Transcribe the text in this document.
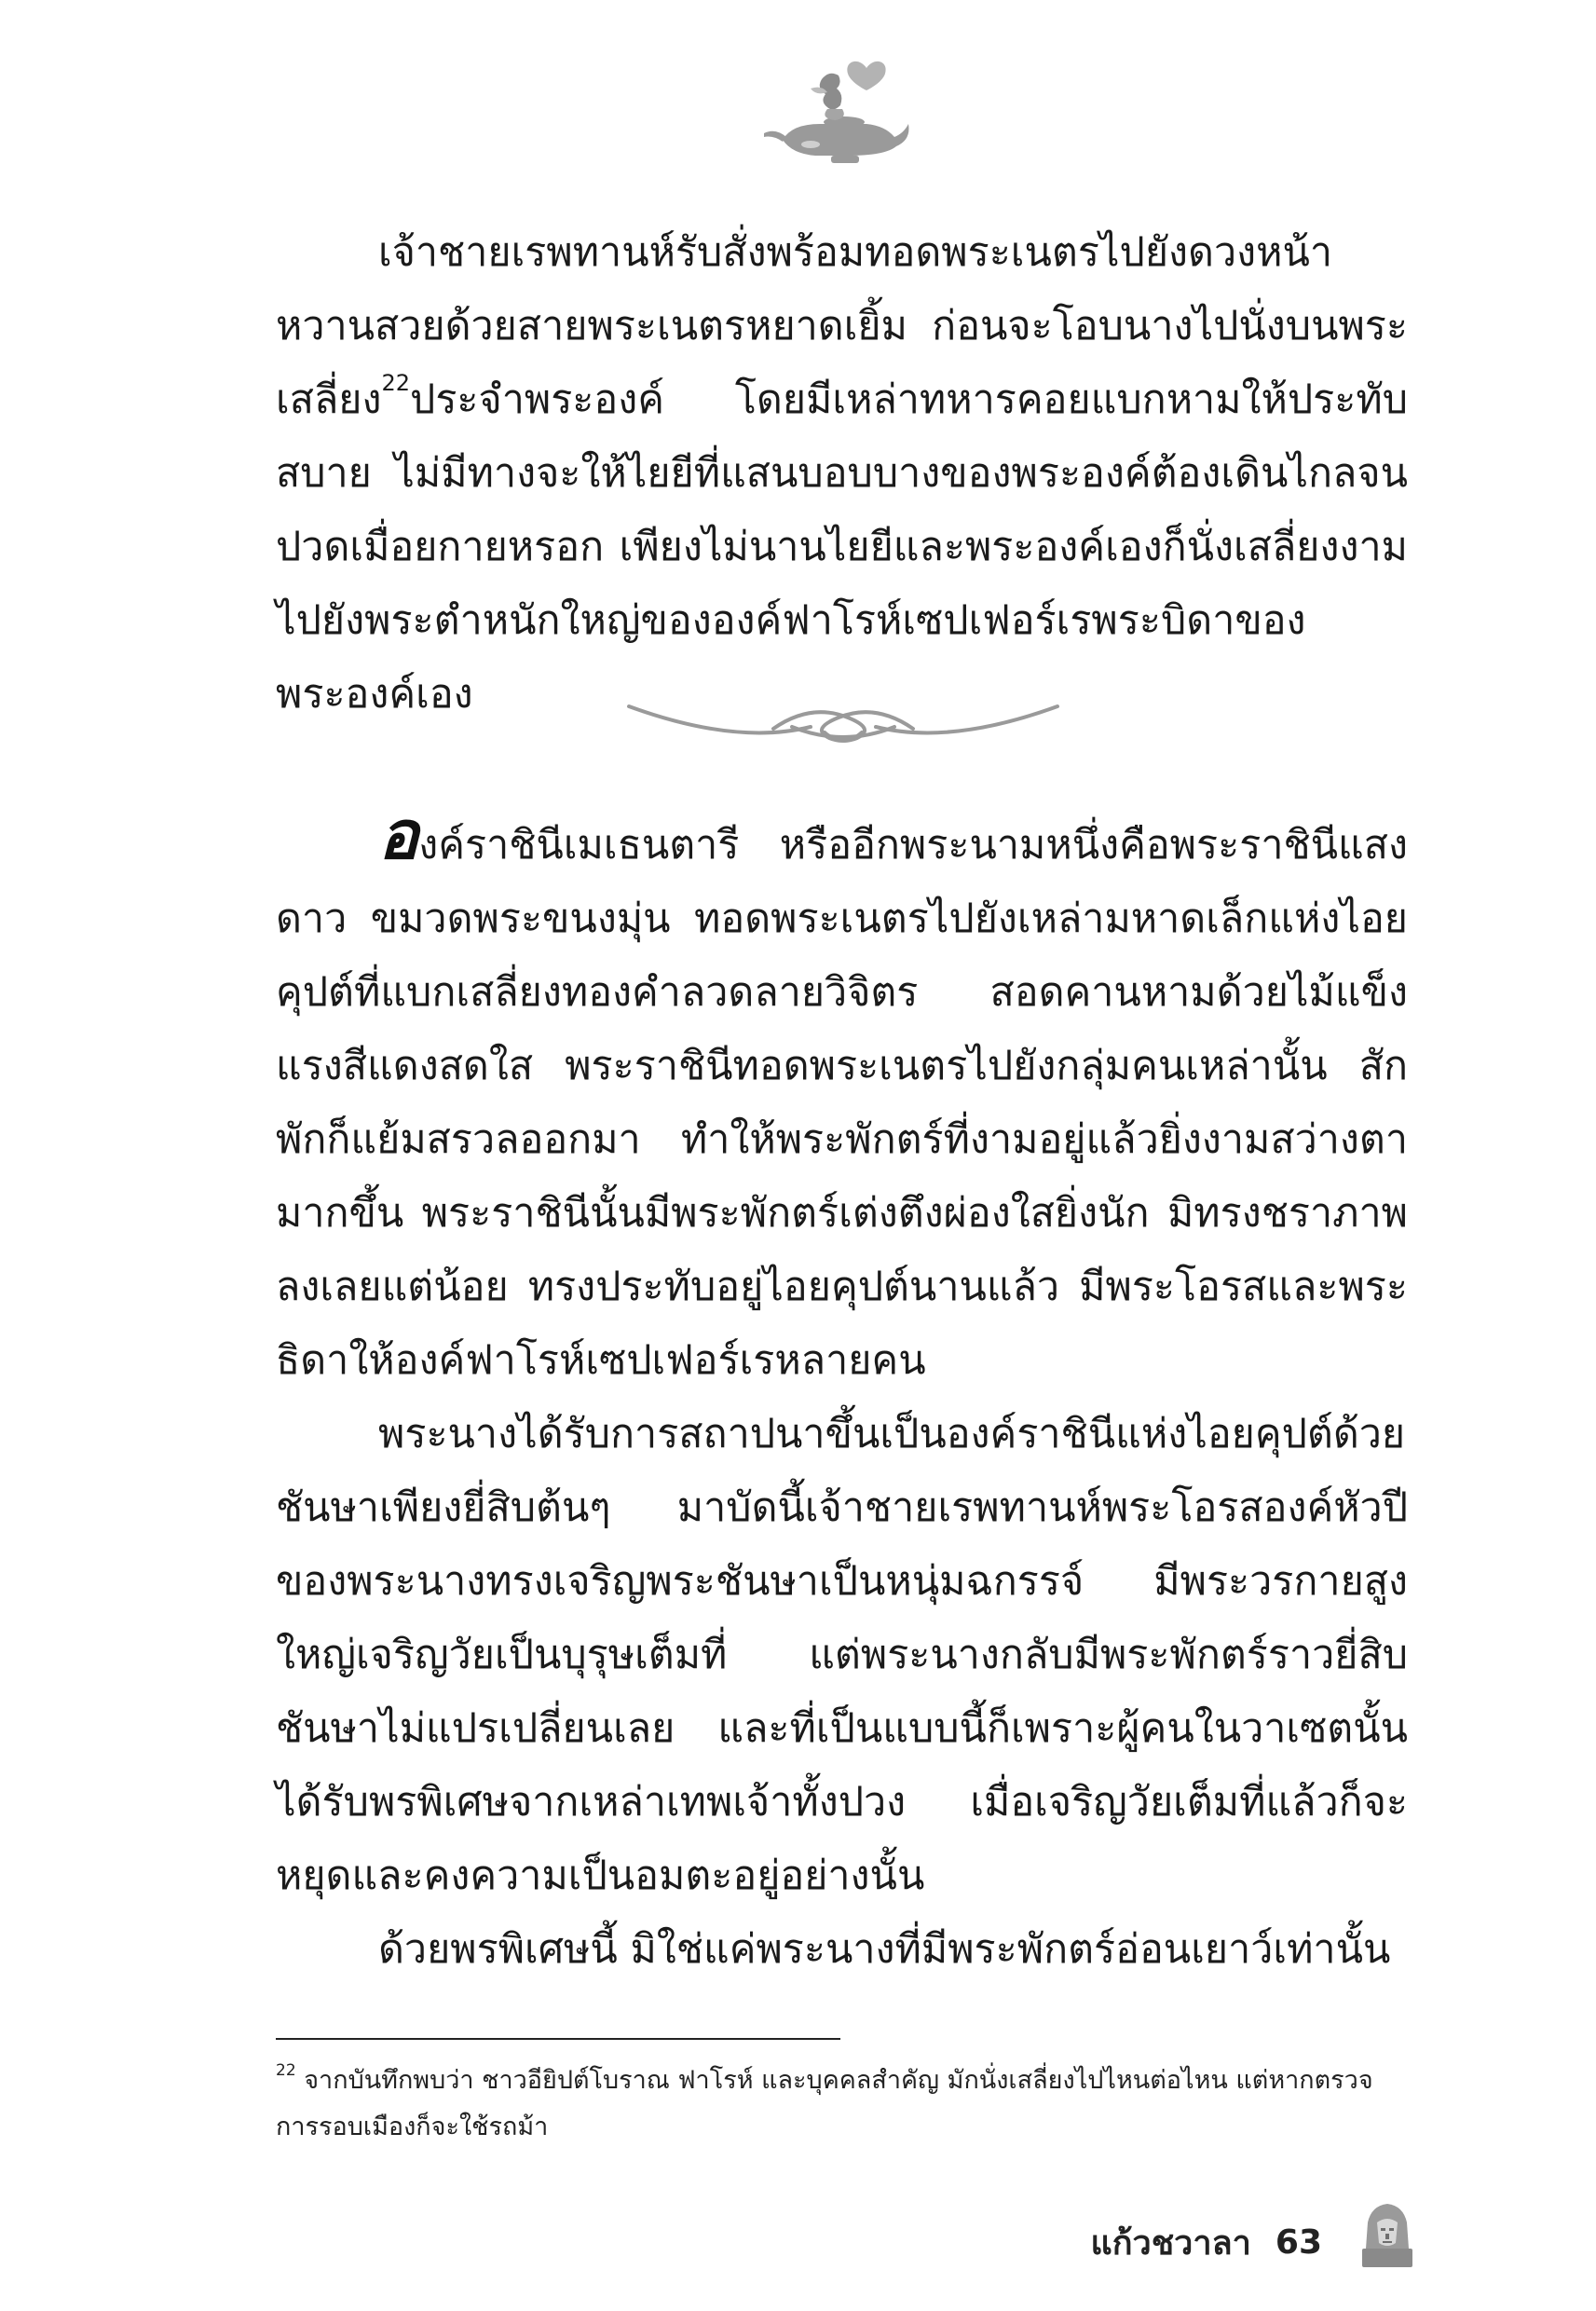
เจ้าชายเรพทานห์รับสั่งพร้อมทอดพระเนตรไปยังดวงหน้าหวานสวยด้วยสายพระเนตรหยาดเยิ้ม ก่อนจะโอบนางไปนั่งบนพระเสลี่ยง$^{22}$ประจำพระองค์ โดยมีเหล่าทหารคอยแบกหามให้ประทับสบาย ไม่มีทางจะให้ไยยีที่แสนบอบบางของพระองค์ต้องเดินไกลจนปวดเมื่อยกายหรอก เพียงไม่นานไยยีและพระองค์เองก็นั่งเสลี่ยงงามไปยังพระตำหนักใหญ่ขององค์ฟาโรห์เซปเฟอร์เรพระบิดาของพระองค์เอง

องค์ราชินีเมเธนตารี หรืออีกพระนามหนึ่งคือพระราชินีแสงดาว ขมวดพระขนงมุ่น ทอดพระเนตรไปยังเหล่ามหาดเล็กแห่งไอยคุปต์ที่แบกเสลี่ยงทองคำลวดลายวิจิตร สอดคานหามด้วยไม้แข็งแรงสีแดงสดใส พระราชินีทอดพระเนตรไปยังกลุ่มคนเหล่านั้น สักพักก็แย้มสรวลออกมา ทำให้พระพักตร์ที่งามอยู่แล้วยิ่งงามสว่างตามากขึ้น พระราชินีนั้นมีพระพักตร์เต่งตึงผ่องใสยิ่งนัก มิทรงชราภาพลงเลยแต่น้อย ทรงประทับอยู่ไอยคุปต์นานแล้ว มีพระโอรสและพระธิดาให้องค์ฟาโรห์เซปเฟอร์เรหลายคน
พระนางได้รับการสถาปนาขึ้นเป็นองค์ราชินีแห่งไอยคุปต์ด้วยชันษาเพียงยี่สิบต้นๆ มาบัดนี้เจ้าชายเรพทานห์พระโอรสองค์หัวปีของพระนางทรงเจริญพระชันษาเป็นหนุ่มฉกรรจ์ มีพระวรกายสูงใหญ่เจริญวัยเป็นบุรุษเต็มที่ แต่พระนางกลับมีพระพักตร์ราวยี่สิบชันษาไม่แปรเปลี่ยนเลย และที่เป็นแบบนี้ก็เพราะผู้คนในวาเซตนั้นได้รับพรพิเศษจากเหล่าเทพเจ้าทั้งปวง เมื่อเจริญวัยเต็มที่แล้วก็จะหยุดและคงความเป็นอมตะอยู่อย่างนั้น
ด้วยพรพิเศษนี้ มิใช่แค่พระนางที่มีพระพักตร์อ่อนเยาว์เท่านั้น

$^{22}$ จากบันทึกพบว่า ชาวอียิปต์โบราณ ฟาโรห์ และบุคคลสำคัญ มักนั่งเสลี่ยงไปไหนต่อไหน แต่หากตรวจการรอบเมืองก็จะใช้รถม้า

แก้วชวาลา 63
